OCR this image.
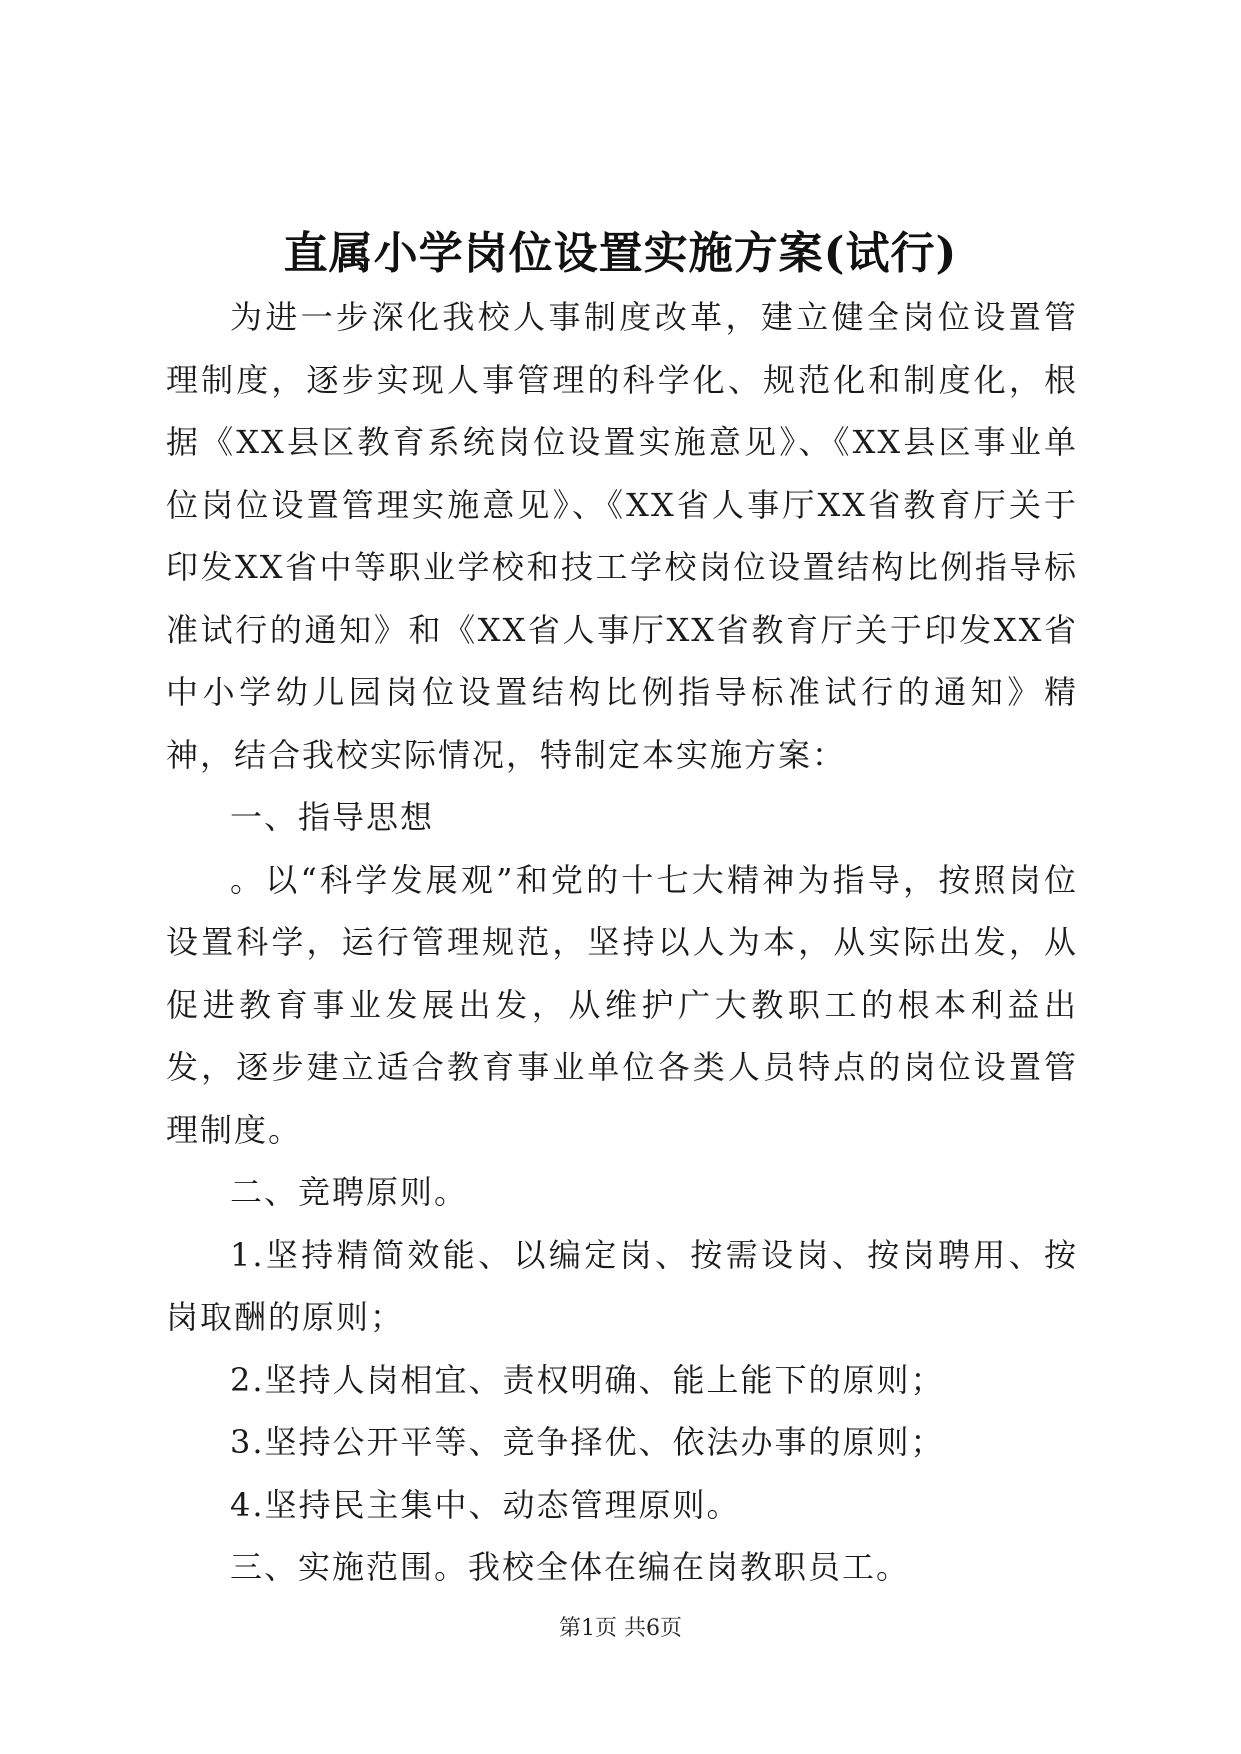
直属小学岗位设置实施方案(试行)

为进一步深化我校人事制度改革，建立健全岗位设置管理制度，逐步实现人事管理的科学化、规范化和制度化，根据《XX县区教育系统岗位设置实施意见》、《XX县区事业单位岗位设置管理实施意见》、《XX省人事厅XX省教育厅关于印发XX省中等职业学校和技工学校岗位设置结构比例指导标准试行的通知》和《XX省人事厅XX省教育厅关于印发XX省中小学幼儿园岗位设置结构比例指导标准试行的通知》精神，结合我校实际情况，特制定本实施方案：

一、指导思想

。以“科学发展观”和党的十七大精神为指导，按照岗位设置科学，运行管理规范，坚持以人为本，从实际出发，从促进教育事业发展出发，从维护广大教职工的根本利益出发，逐步建立适合教育事业单位各类人员特点的岗位设置管理制度。

二、竞聘原则。

1.坚持精简效能、以编定岗、按需设岗、按岗聘用、按岗取酬的原则；

2.坚持人岗相宜、责权明确、能上能下的原则；

3.坚持公开平等、竞争择优、依法办事的原则；

4.坚持民主集中、动态管理原则。

三、实施范围。我校全体在编在岗教职员工。

第1页 共6页
